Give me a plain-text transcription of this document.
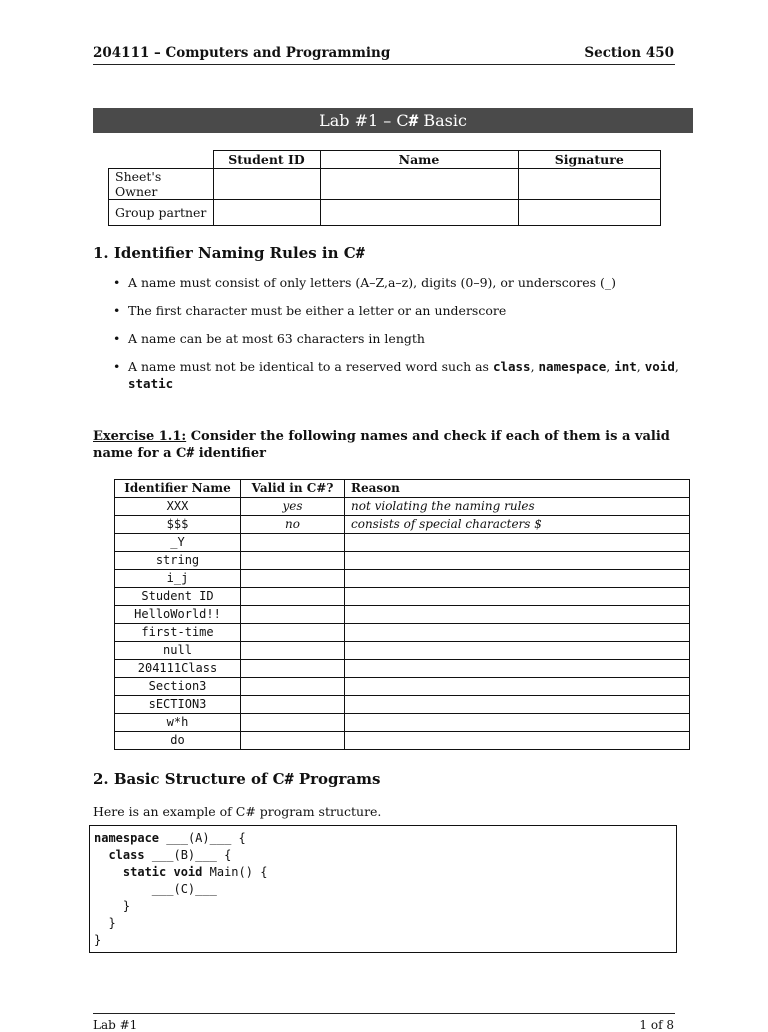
204111 – Computers and Programming	Section 450
Lab #1 – C# Basic
	Student ID	Name	Signature
Sheet's Owner			
Group partner			
1. Identifier Naming Rules in C#
• A name must consist of only letters (A–Z,a–z), digits (0–9), or underscores (_)
• The first character must be either a letter or an underscore
• A name can be at most 63 characters in length
• A name must not be identical to a reserved word such as class, namespace, int, void,
static
Exercise 1.1: Consider the following names and check if each of them is a valid
name for a C# identifier
Identifier Name	Valid in C#?	Reason
XXX	yes	not violating the naming rules
$$$	no	consists of special characters $
_Y		
string		
i_j		
Student ID		
HelloWorld!!		
first-time		
null		
204111Class		
Section3		
sECTION3		
w*h		
do		
2. Basic Structure of C# Programs
Here is an example of C# program structure.
namespace ___(A)___ {
class ___(B)___ {
static void Main() {
___(C)___
}
}
}
Lab #1	1 of 8
